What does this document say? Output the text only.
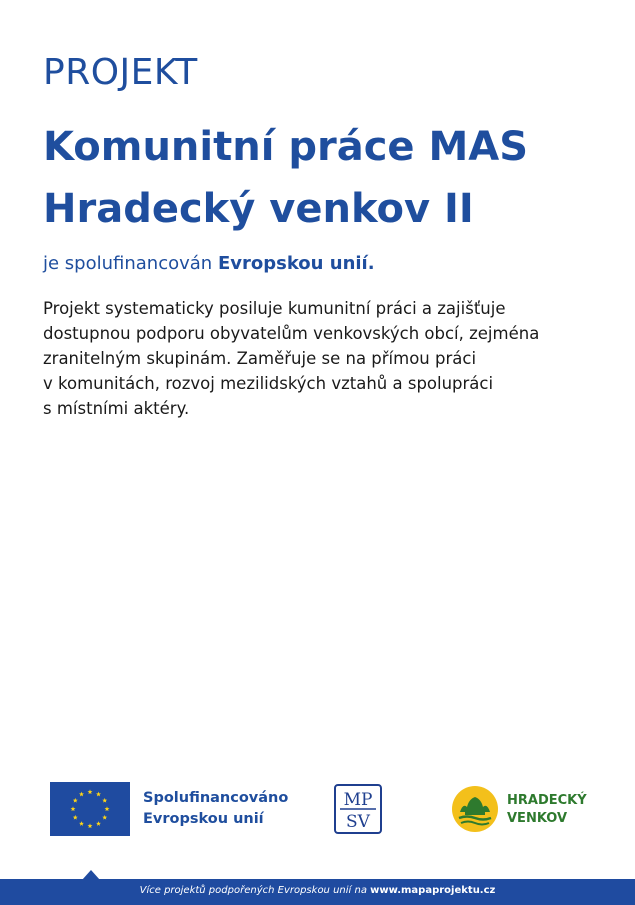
PROJEKT
Komunitní práce MAS
Hradecký venkov II

je spolufinancován Evropskou unií.

Projekt systematicky posiluje kumunitní práci a zajišťuje
dostupnou podporu obyvatelům venkovských obcí, zejména
zranitelným skupinám. Zaměřuje se na přímou práci
v komunitách, rozvoj mezilidských vztahů a spolupráci
s místními aktéry.

Spolufinancováno
Evropskou unií
MP
SV
HRADECKÝ
VENKOV
Více projektů podpořených Evropskou unií na www.mapaprojektu.cz
